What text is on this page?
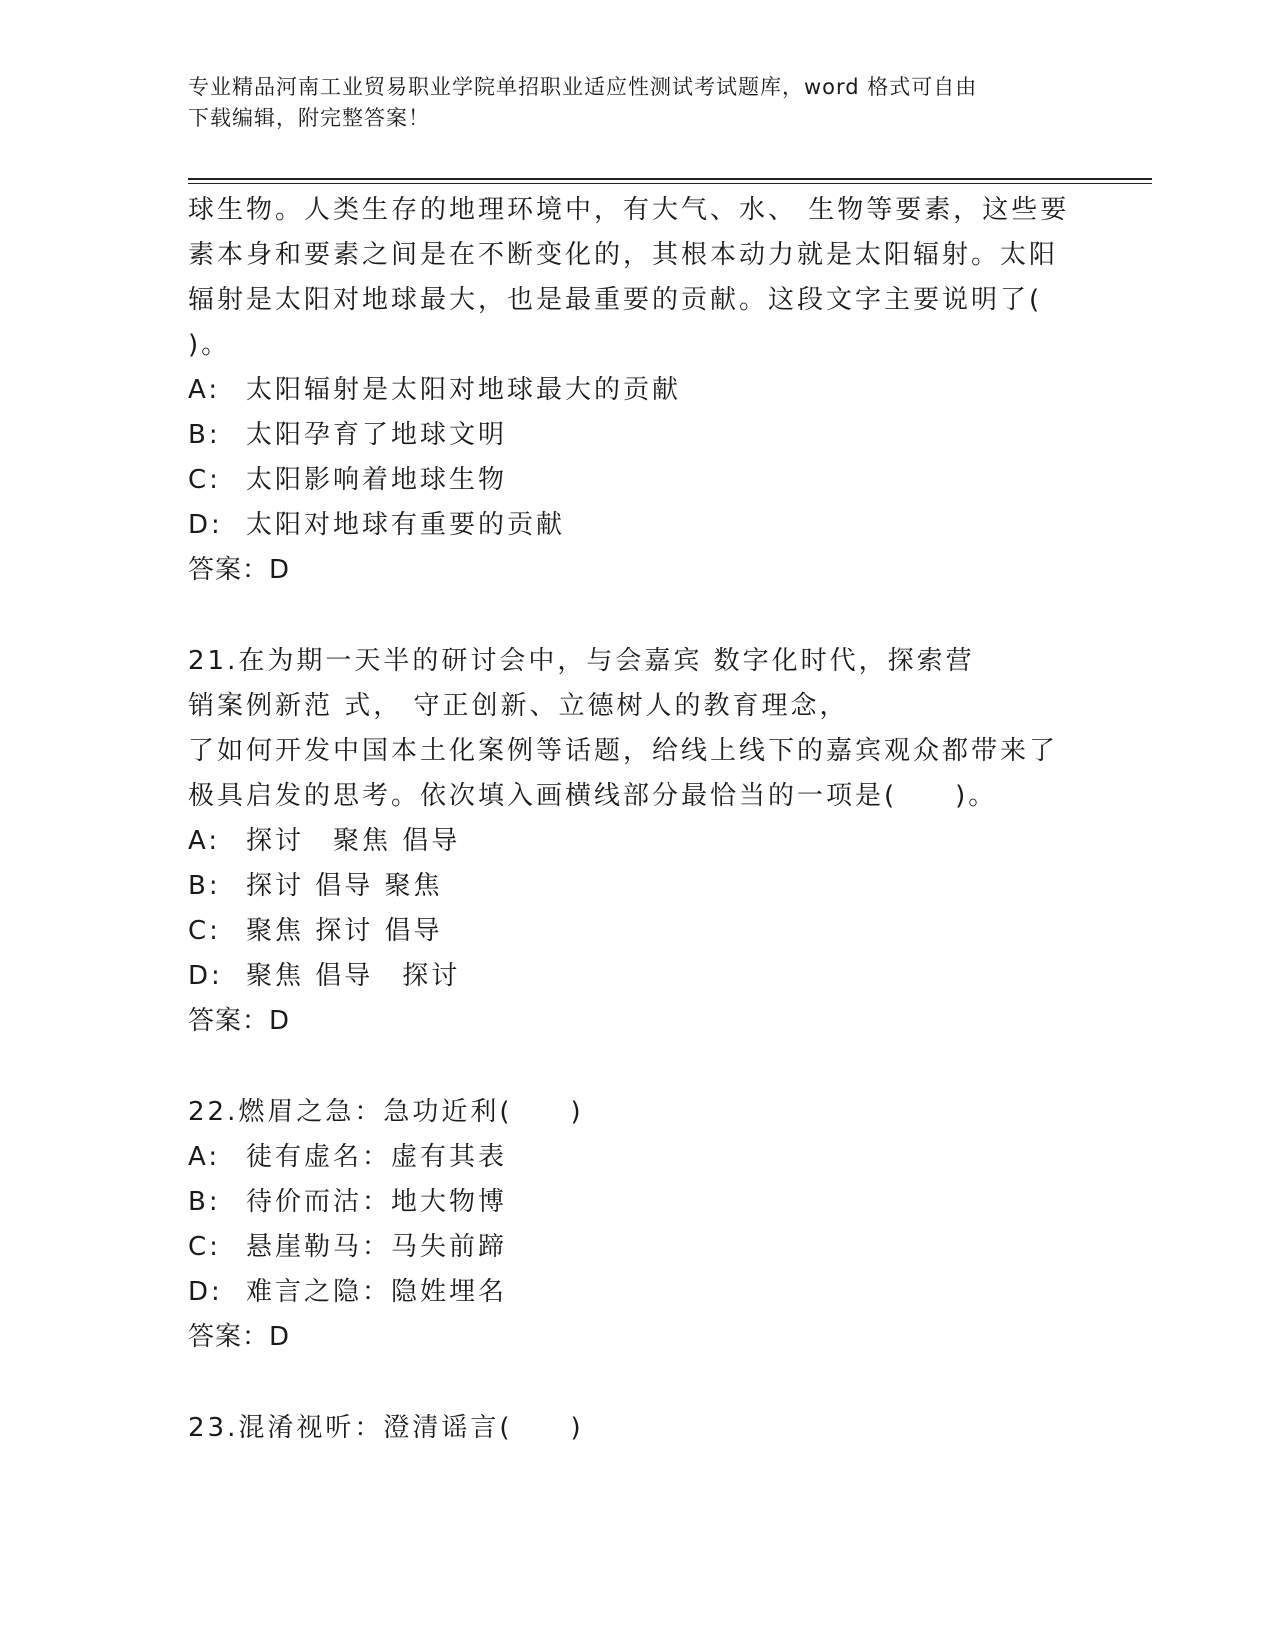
专业精品河南工业贸易职业学院单招职业适应性测试考试题库，word 格式可自由
下载编辑，附完整答案！
球生物。人类生存的地理环境中，有大气、水、 生物等要素，这些要
素本身和要素之间是在不断变化的，其根本动力就是太阳辐射。太阳
辐射是太阳对地球最大，也是最重要的贡献。这段文字主要说明了(
)。
A: 太阳辐射是太阳对地球最大的贡献
B: 太阳孕育了地球文明
C: 太阳影响着地球生物
D: 太阳对地球有重要的贡献
答案：D
21.在为期一天半的研讨会中，与会嘉宾 数字化时代，探索营
销案例新范 式， 守正创新、立德树人的教育理念，
了如何开发中国本土化案例等话题，给线上线下的嘉宾观众都带来了
极具启发的思考。依次填入画横线部分最恰当的一项是(　　)。
A: 探讨　聚焦 倡导
B: 探讨 倡导 聚焦
C: 聚焦 探讨 倡导
D: 聚焦 倡导　探讨
答案：D
22.燃眉之急：急功近利(　　)
A: 徒有虚名：虚有其表
B: 待价而沽：地大物博
C: 悬崖勒马：马失前蹄
D: 难言之隐：隐姓埋名
答案：D
23.混淆视听：澄清谣言(　　)
